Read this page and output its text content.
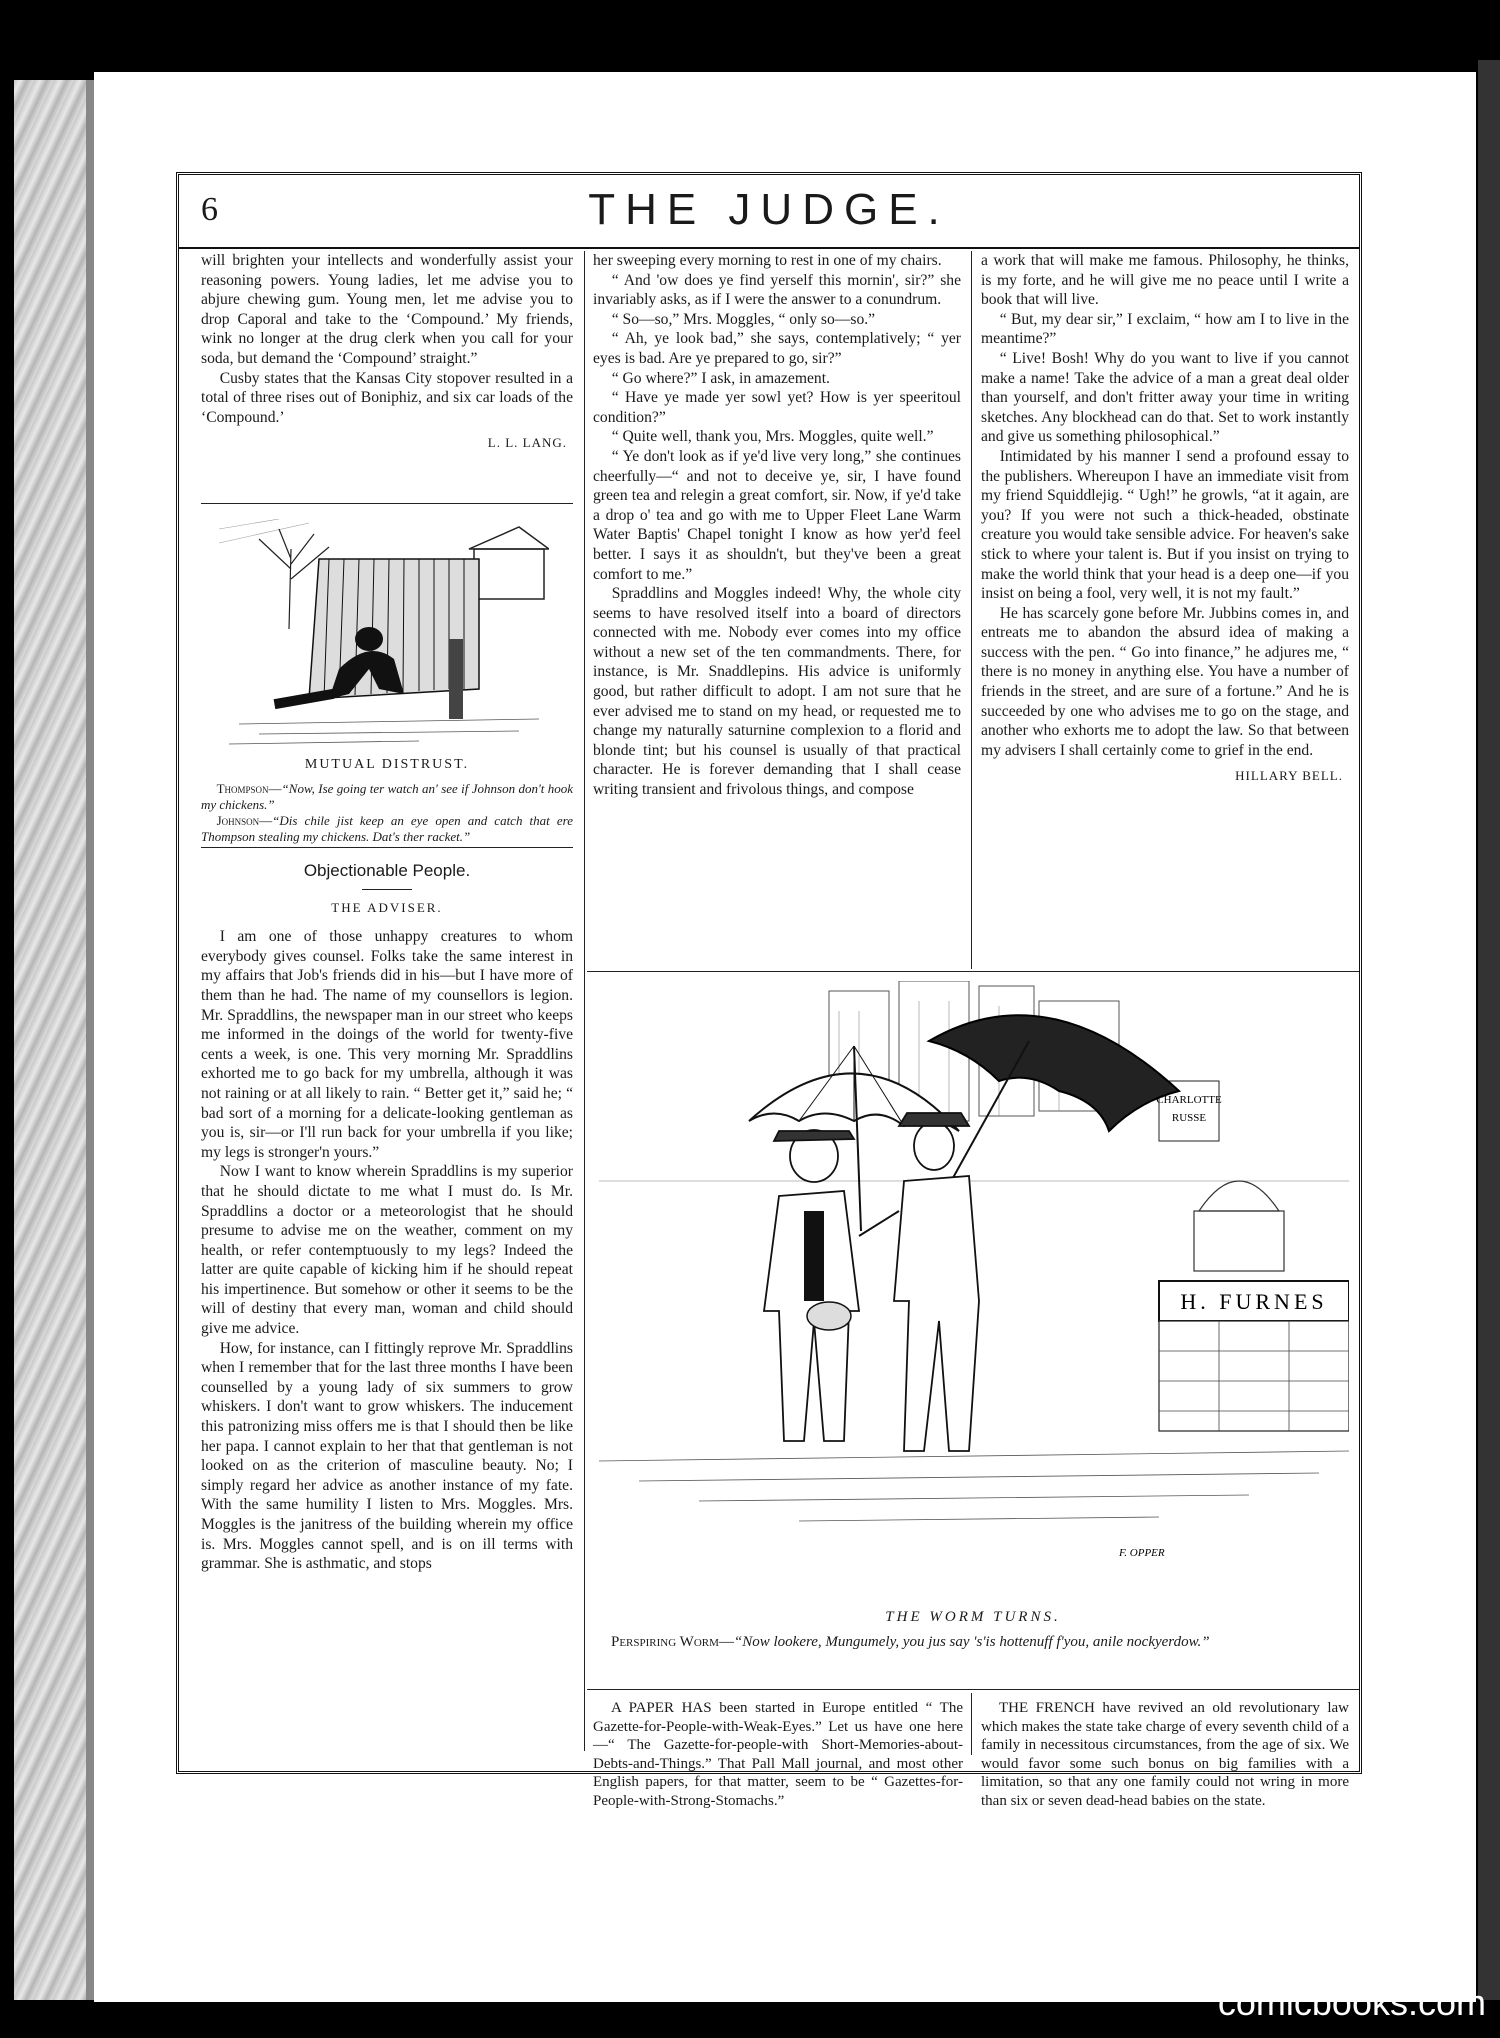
6	THE JUDGE.

will brighten your intellects and wonderfully assist your reasoning powers. Young ladies, let me advise you to abjure chewing gum. Young men, let me advise you to drop Caporal and take to the ‘Compound.’ My friends, wink no longer at the drug clerk when you call for your soda, but demand the ‘Compound’ straight.”

Cusby states that the Kansas City stopover resulted in a total of three rises out of Boniphiz, and six car loads of the ‘Compound.’

L. L. LANG.
MUTUAL DISTRUST.

Thompson—“Now, Ise going ter watch an' see if Johnson don't hook my chickens.”

Johnson—“Dis chile jist keep an eye open and catch that ere Thompson stealing my chickens. Dat's ther racket.”

Objectionable People.
THE ADVISER.

I am one of those unhappy creatures to whom everybody gives counsel. Folks take the same interest in my affairs that Job's friends did in his—but I have more of them than he had. The name of my counsellors is legion. Mr. Spraddlins, the newspaper man in our street who keeps me informed in the doings of the world for twenty-five cents a week, is one. This very morning Mr. Spraddlins exhorted me to go back for my umbrella, although it was not raining or at all likely to rain. “ Better get it,” said he; “ bad sort of a morning for a delicate-looking gentleman as you is, sir—or I'll run back for your umbrella if you like; my legs is stronger'n yours.”

Now I want to know wherein Spraddlins is my superior that he should dictate to me what I must do. Is Mr. Spraddlins a doctor or a meteorologist that he should presume to advise me on the weather, comment on my health, or refer contemptuously to my legs? Indeed the latter are quite capable of kicking him if he should repeat his impertinence. But somehow or other it seems to be the will of destiny that every man, woman and child should give me advice.

How, for instance, can I fittingly reprove Mr. Spraddlins when I remember that for the last three months I have been counselled by a young lady of six summers to grow whiskers. I don't want to grow whiskers. The inducement this patronizing miss offers me is that I should then be like her papa. I cannot explain to her that that gentleman is not looked on as the criterion of masculine beauty. No; I simply regard her advice as another instance of my fate. With the same humility I listen to Mrs. Moggles. Mrs. Moggles is the janitress of the building wherein my office is. Mrs. Moggles cannot spell, and is on ill terms with grammar. She is asthmatic, and stops

her sweeping every morning to rest in one of my chairs.

“ And 'ow does ye find yerself this mornin', sir?” she invariably asks, as if I were the answer to a conundrum.

“ So—so,” Mrs. Moggles, “ only so—so.”

“ Ah, ye look bad,” she says, contemplatively; “ yer eyes is bad. Are ye prepared to go, sir?”

“ Go where?” I ask, in amazement.

“ Have ye made yer sowl yet? How is yer speeritoul condition?”

“ Quite well, thank you, Mrs. Moggles, quite well.”

“ Ye don't look as if ye'd live very long,” she continues cheerfully—“ and not to deceive ye, sir, I have found green tea and relegin a great comfort, sir. Now, if ye'd take a drop o' tea and go with me to Upper Fleet Lane Warm Water Baptis' Chapel tonight I know as how yer'd feel better. I says it as shouldn't, but they've been a great comfort to me.”

Spraddlins and Moggles indeed! Why, the whole city seems to have resolved itself into a board of directors connected with me. Nobody ever comes into my office without a new set of the ten commandments. There, for instance, is Mr. Snaddlepins. His advice is uniformly good, but rather difficult to adopt. I am not sure that he ever advised me to stand on my head, or requested me to change my naturally saturnine complexion to a florid and blonde tint; but his counsel is usually of that practical character. He is forever demanding that I shall cease writing transient and frivolous things, and compose

a work that will make me famous. Philosophy, he thinks, is my forte, and he will give me no peace until I write a book that will live.

“ But, my dear sir,” I exclaim, “ how am I to live in the meantime?”

“ Live! Bosh! Why do you want to live if you cannot make a name! Take the advice of a man a great deal older than yourself, and don't fritter away your time in writing sketches. Any blockhead can do that. Set to work instantly and give us something philosophical.”

Intimidated by his manner I send a profound essay to the publishers. Whereupon I have an immediate visit from my friend Squiddlejig. “ Ugh!” he growls, “at it again, are you? If you were not such a thick-headed, obstinate creature you would take sensible advice. For heaven's sake stick to where your talent is. But if you insist on trying to make the world think that your head is a deep one—if you insist on being a fool, very well, it is not my fault.”

He has scarcely gone before Mr. Jubbins comes in, and entreats me to abandon the absurd idea of making a success with the pen. “ Go into finance,” he adjures me, “ there is no money in anything else. You have a number of friends in the street, and are sure of a fortune.” And he is succeeded by one who advises me to go on the stage, and another who exhorts me to adopt the law. So that between my advisers I shall certainly come to grief in the end.

HILLARY BELL.
CHARLOTTE
RUSSE
H. FURNES
F. OPPER
THE WORM TURNS.

Perspiring Worm—“Now lookere, Mungumely, you jus say 's'is hottenuff f'you, anile nockyerdow.”

A PAPER HAS been started in Europe entitled “ The Gazette-for-People-with-Weak-Eyes.” Let us have one here—“ The Gazette-for-people-with Short-Memories-about-Debts-and-Things.” That Pall Mall journal, and most other English papers, for that matter, seem to be “ Gazettes-for-People-with-Strong-Stomachs.”

THE FRENCH have revived an old revolutionary law which makes the state take charge of every seventh child of a family in necessitous circumstances, from the age of six. We would favor some such bonus on big families with a limitation, so that any one family could not wring in more than six or seven dead-head babies on the state.

comicbooks.com
